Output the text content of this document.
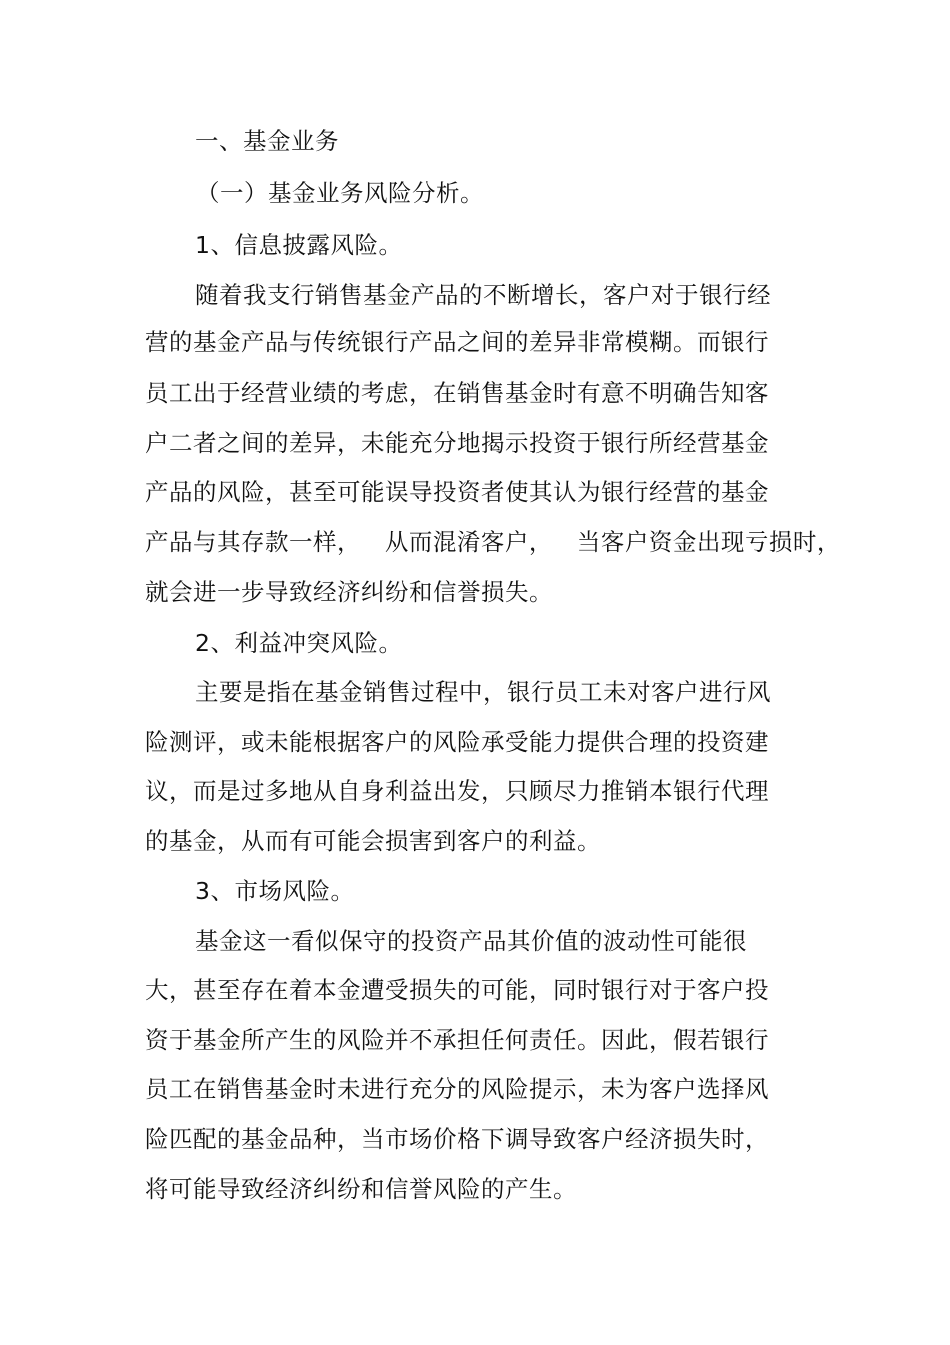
一、基金业务
（一）基金业务风险分析。
1、信息披露风险。
随着我支行销售基金产品的不断增长，客户对于银行经
营的基金产品与传统银行产品之间的差异非常模糊。而银行
员工出于经营业绩的考虑，在销售基金时有意不明确告知客
户二者之间的差异，未能充分地揭示投资于银行所经营基金
产品的风险，甚至可能误导投资者使其认为银行经营的基金
产品与其存款一样，   从而混淆客户，   当客户资金出现亏损时，
就会进一步导致经济纠纷和信誉损失。
2、利益冲突风险。
主要是指在基金销售过程中，银行员工未对客户进行风
险测评，或未能根据客户的风险承受能力提供合理的投资建
议，而是过多地从自身利益出发，只顾尽力推销本银行代理
的基金，从而有可能会损害到客户的利益。
3、市场风险。
基金这一看似保守的投资产品其价值的波动性可能很
大，甚至存在着本金遭受损失的可能，同时银行对于客户投
资于基金所产生的风险并不承担任何责任。因此，假若银行
员工在销售基金时未进行充分的风险提示，未为客户选择风
险匹配的基金品种，当市场价格下调导致客户经济损失时，
将可能导致经济纠纷和信誉风险的产生。
